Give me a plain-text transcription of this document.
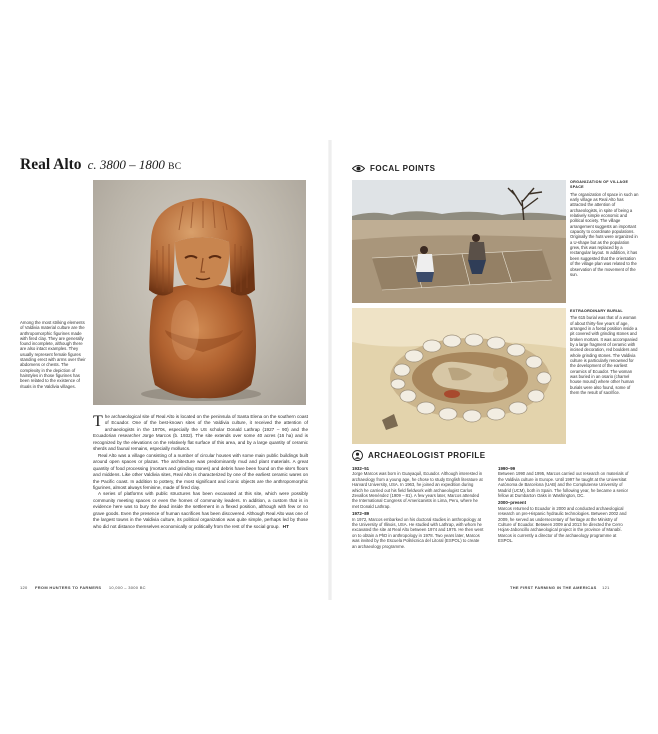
Real Alto c. 3800 – 1800 BC
Among the most striking elements of Valdivia material culture are the anthropomorphic figurines made with fired clay. They are generally found incomplete, although there are also intact examples. They usually represent female figures standing erect with arms over their abdomens or chests. The complexity in the depiction of hairstyles in those figurines has been related to the existence of rituals in the Valdivia villages.

The archaeological site of Real Alto is located on the peninsula of Santa Elena on the southern coast of Ecuador. One of the best-known sites of the Valdivia culture, it received the attention of archaeologists in the 1970s, especially the US scholar Donald Lathrap (1927 – 90) and the Ecuadorian researcher Jorge Marcos (b. 1932). The site extends over some 40 acres (16 ha) and is recognized by the elevations on the relatively flat surface of this area, and by a large quantity of ceramic sherds and faunal remains, especially molluscs.

Real Alto was a village consisting of a number of circular houses with some main public buildings built around open spaces or plazas. The architecture was predominantly mud and plant materials. A great quantity of food processing (mortars and grinding stones) and debris have been found on the site’s floors and middens. Like other Valdivia sites, Real Alto is characterized by one of the earliest ceramic wares on the Pacific coast. In addition to pottery, the most significant and iconic objects are the anthropomorphic figurines, almost always feminine, made of fired clay.

A series of platforms with public structures has been excavated at this site, which were possibly community meeting spaces or even the homes of community leaders. In addition, a custom that is in evidence here was to bury the dead inside the settlement in a flexed position, although with few or no grave goods. Even the presence of human sacrifices has been discovered. Although Real Alto was one of the largest towns in the Valdivia culture, its political organization was quite simple, perhaps led by those who did not distance themselves economically or politically from the rest of the social group. HT

120 FROM HUNTERS TO FARMERS 10,000 – 3000 BC
FOCAL POINTS
ORGANIZATION OF VILLAGE SPACE
The organization of space in such an early village as Real Alto has attracted the attention of archaeologists, in spite of being a relatively simple economic and political society. The village arrangement suggests an important capacity to coordinate populations. Originally the huts were organized in a U-shape but as the population grew, this was replaced by a rectangular layout. In addition, it has been suggested that the orientation of the village plan was related to the observation of the movement of the sun.
EXTRAORDINARY BURIAL
The 615 burial was that of a woman of about thirty-five years of age, arranged in a foetal position inside a pit covered with grinding stones and broken mortars. It was accompanied by a large fragment of ceramic with incised decoration, red boulders and whole grinding stones. The Valdivia culture is particularly renowned for the development of the earliest ceramics of Ecuador. The woman was buried in an osario (charnel house mound) where other human burials were also found, some of them the result of sacrifice.
ARCHAEOLOGIST PROFILE
1932–51
Jorge Marcos was born in Guayaquil, Ecuador. Although interested in archaeology from a young age, he chose to study English literature at Harvard University, USA. In 1963, he joined an expedition during which he carried out his field fieldwork with archaeologist Carlos Zevallos Menéndez (1909 – 81). A few years later, Marcos attended the International Congress of Americanists in Lima, Peru, where he met Donald Lathrap.
1972–89
In 1972, Marcos embarked on his doctoral studies in anthropology at the University of Illinois, USA. He studied with Lathrap, with whom he excavated the site at Real Alto between 1974 and 1976. He then went on to obtain a PhD in anthropology in 1978. Two years later, Marcos was invited by the Escuela Politécnica del Litoral (ESPOL) to create an archaeology programme.
1990–99
Between 1990 and 1995, Marcos carried out research on materials of the Valdivia culture in Europe. Until 1997 he taught at the Universitat Autònoma de Barcelona (UAB) and the Complutense University of Madrid (UCM), both in Spain. The following year, he became a senior fellow at Dumbarton Oaks in Washington, DC.
2000–present
Marcos returned to Ecuador in 2000 and conducted archaeological research on pre-Hispanic hydraulic technologies. Between 2002 and 2009, he served as undersecretary of heritage at the Ministry of Culture of Ecuador. Between 2009 and 2013 he directed the Cerro Hojas-Jaboncillo archaeological project in the province of Manabí. Marcos is currently a director of the archaeology programme at ESPOL.
THE FIRST FARMING IN THE AMERICAS 121
